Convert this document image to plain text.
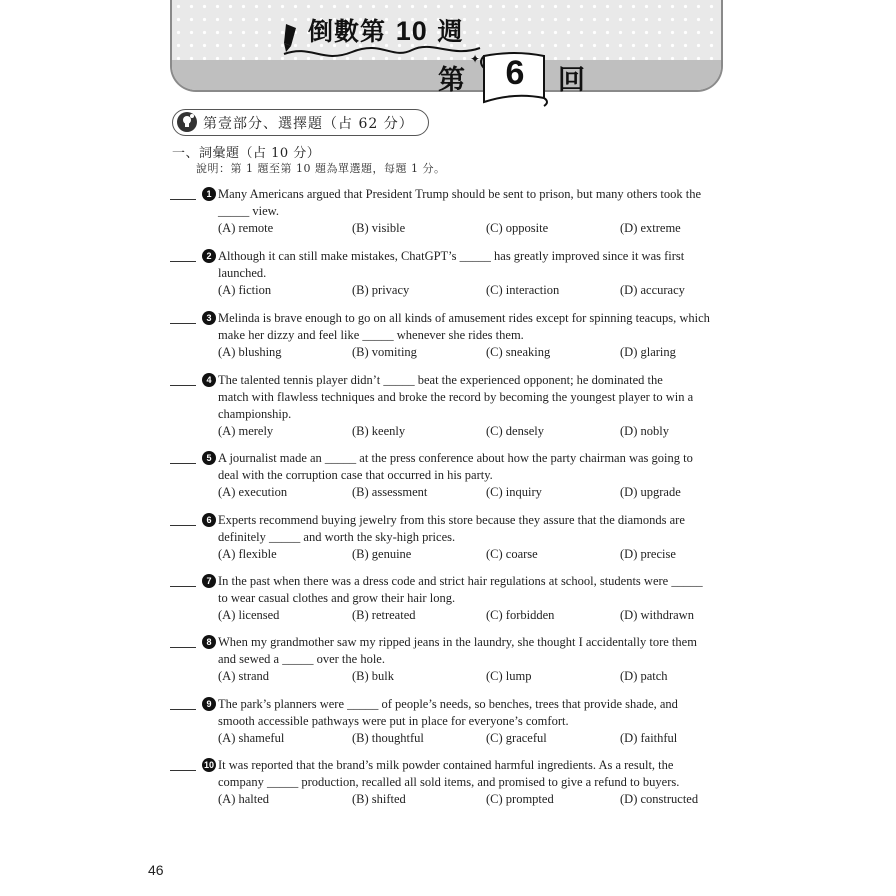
倒數第 10 週
第
✦ 6	回
第壹部分、選擇題（占 62 分）
一、詞彙題（占 10 分）
說明：第 1 題至第 10 題為單選題，每題 1 分。
1 Many Americans argued that President Trump should be sent to prison, but many others took the
_____ view.
(A) remote	(B) visible	(C) opposite	(D) extreme
2 Although it can still make mistakes, ChatGPT’s _____ has greatly improved since it was first
launched.
(A) fiction	(B) privacy	(C) interaction	(D) accuracy
3 Melinda is brave enough to go on all kinds of amusement rides except for spinning teacups, which
make her dizzy and feel like _____ whenever she rides them.
(A) blushing	(B) vomiting	(C) sneaking	(D) glaring
4 The talented tennis player didn’t _____ beat the experienced opponent; he dominated the
match with flawless techniques and broke the record by becoming the youngest player to win a
championship.
(A) merely	(B) keenly	(C) densely	(D) nobly
5 A journalist made an _____ at the press conference about how the party chairman was going to
deal with the corruption case that occurred in his party.
(A) execution	(B) assessment	(C) inquiry	(D) upgrade
6 Experts recommend buying jewelry from this store because they assure that the diamonds are
definitely _____ and worth the sky-high prices.
(A) flexible	(B) genuine	(C) coarse	(D) precise
7 In the past when there was a dress code and strict hair regulations at school, students were _____
to wear casual clothes and grow their hair long.
(A) licensed	(B) retreated	(C) forbidden	(D) withdrawn
8 When my grandmother saw my ripped jeans in the laundry, she thought I accidentally tore them
and sewed a _____ over the hole.
(A) strand	(B) bulk	(C) lump	(D) patch
9 The park’s planners were _____ of people’s needs, so benches, trees that provide shade, and
smooth accessible pathways were put in place for everyone’s comfort.
(A) shameful	(B) thoughtful	(C) graceful	(D) faithful
10 It was reported that the brand’s milk powder contained harmful ingredients. As a result, the
company _____ production, recalled all sold items, and promised to give a refund to buyers.
(A) halted	(B) shifted	(C) prompted	(D) constructed
46
